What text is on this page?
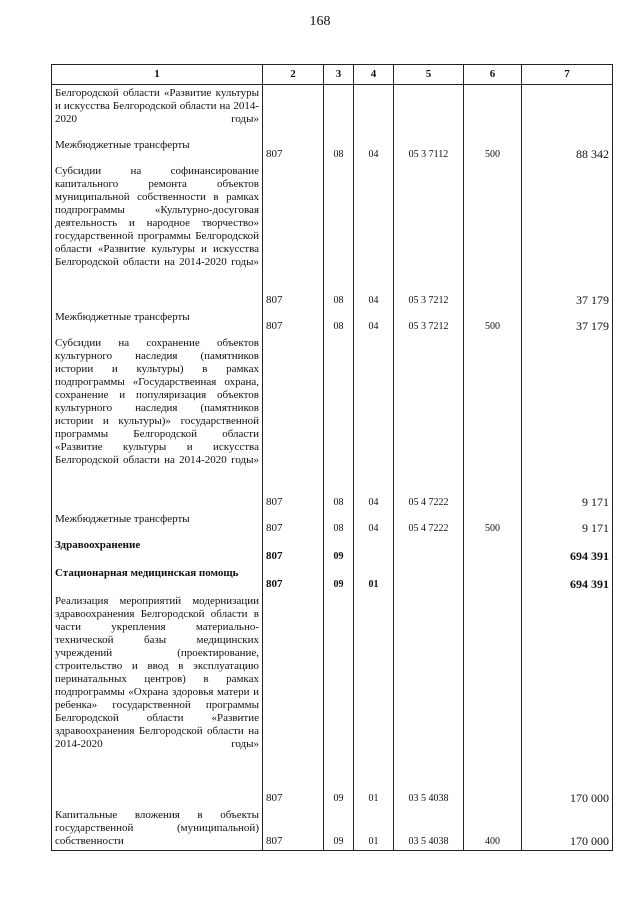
168
1	2	3	4	5	6	7
Белгородской области «Развитие культуры и искусства Белгородской области на 2014-2020 годы»						
Межбюджетные трансферты	807	08	04	05 3 7112	500	88 342
Субсидии на софинансирование капитального ремонта объектов муниципальной собственности в рамках подпрограммы «Культурно-досуговая деятельность и народное творчество» государственной программы Белгородской области «Развитие культуры и искусства Белгородской области на 2014-2020 годы»	807	08	04	05 3 7212		37 179
Межбюджетные трансферты	807	08	04	05 3 7212	500	37 179
Субсидии на сохранение объектов культурного наследия (памятников истории и культуры) в рамках подпрограммы «Государственная охрана, сохранение и популяризация объектов культурного наследия (памятников истории и культуры)» государственной программы Белгородской области «Развитие культуры и искусства Белгородской области на 2014-2020 годы»	807	08	04	05 4 7222		9 171
Межбюджетные трансферты	807	08	04	05 4 7222	500	9 171
Здравоохранение	807	09				694 391
Стационарная медицинская помощь	807	09	01			694 391
Реализация мероприятий модернизации здравоохранения Белгородской области в части укрепления материально-технической базы медицинских учреждений (проектирование, строительство и ввод в эксплуатацию перинатальных центров) в рамках подпрограммы «Охрана здоровья матери и ребенка» государственной программы Белгородской области «Развитие здравоохранения Белгородской области на 2014-2020 годы»	807	09	01	03 5 4038		170 000
Капитальные вложения в объекты государственной (муниципальной) собственности	807	09	01	03 5 4038	400	170 000
